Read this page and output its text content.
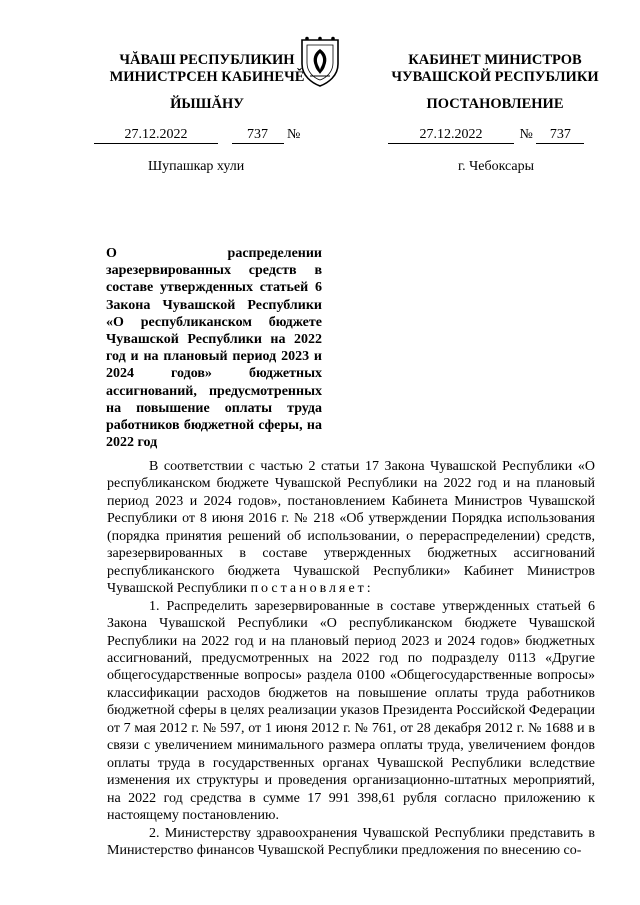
ЧĂВАШ РЕСПУБЛИКИН
МИНИСТРСЕН КАБИНЕЧĚ
ЙЫШĂНУ
КАБИНЕТ МИНИСТРОВ
ЧУВАШСКОЙ РЕСПУБЛИКИ
ПОСТАНОВЛЕНИЕ
27.12.2022	737 №	27.12.2022	№ 737
Шупашкар хули	г. Чебоксары
О распределении зарезервированных средств в составе утвержденных статьей 6 Закона Чувашской Республики «О республиканском бюджете Чувашской Республики на 2022 год и на плановый период 2023 и 2024 годов» бюджетных ассигнований, предусмотренных на повышение оплаты труда работников бюджетной сферы, на 2022 год

В соответствии с частью 2 статьи 17 Закона Чувашской Республики «О республиканском бюджете Чувашской Республики на 2022 год и на плановый период 2023 и 2024 годов», постановлением Кабинета Министров Чувашской Республики от 8 июня 2016 г. № 218 «Об утверждении Порядка использования (порядка принятия решений об использовании, о перераспределении) средств, зарезервированных в составе утвержденных бюджетных ассигнований республиканского бюджета Чувашской Республики» Кабинет Министров Чувашской Республики постановляет:

1. Распределить зарезервированные в составе утвержденных статьей 6 Закона Чувашской Республики «О республиканском бюджете Чувашской Республики на 2022 год и на плановый период 2023 и 2024 годов» бюджетных ассигнований, предусмотренных на 2022 год по подразделу 0113 «Другие общегосударственные вопросы» раздела 0100 «Общегосударственные вопросы» классификации расходов бюджетов на повышение оплаты труда работников бюджетной сферы в целях реализации указов Президента Российской Федерации от 7 мая 2012 г. № 597, от 1 июня 2012 г. № 761, от 28 декабря 2012 г. № 1688 и в связи с увеличением минимального размера оплаты труда, увеличением фондов оплаты труда в государственных органах Чувашской Республики вследствие изменения их структуры и проведения организационно-штатных мероприятий, на 2022 год средства в сумме 17 991 398,61 рубля согласно приложению к настоящему постановлению.

2. Министерству здравоохранения Чувашской Республики представить в Министерство финансов Чувашской Республики предложения по внесению со-
